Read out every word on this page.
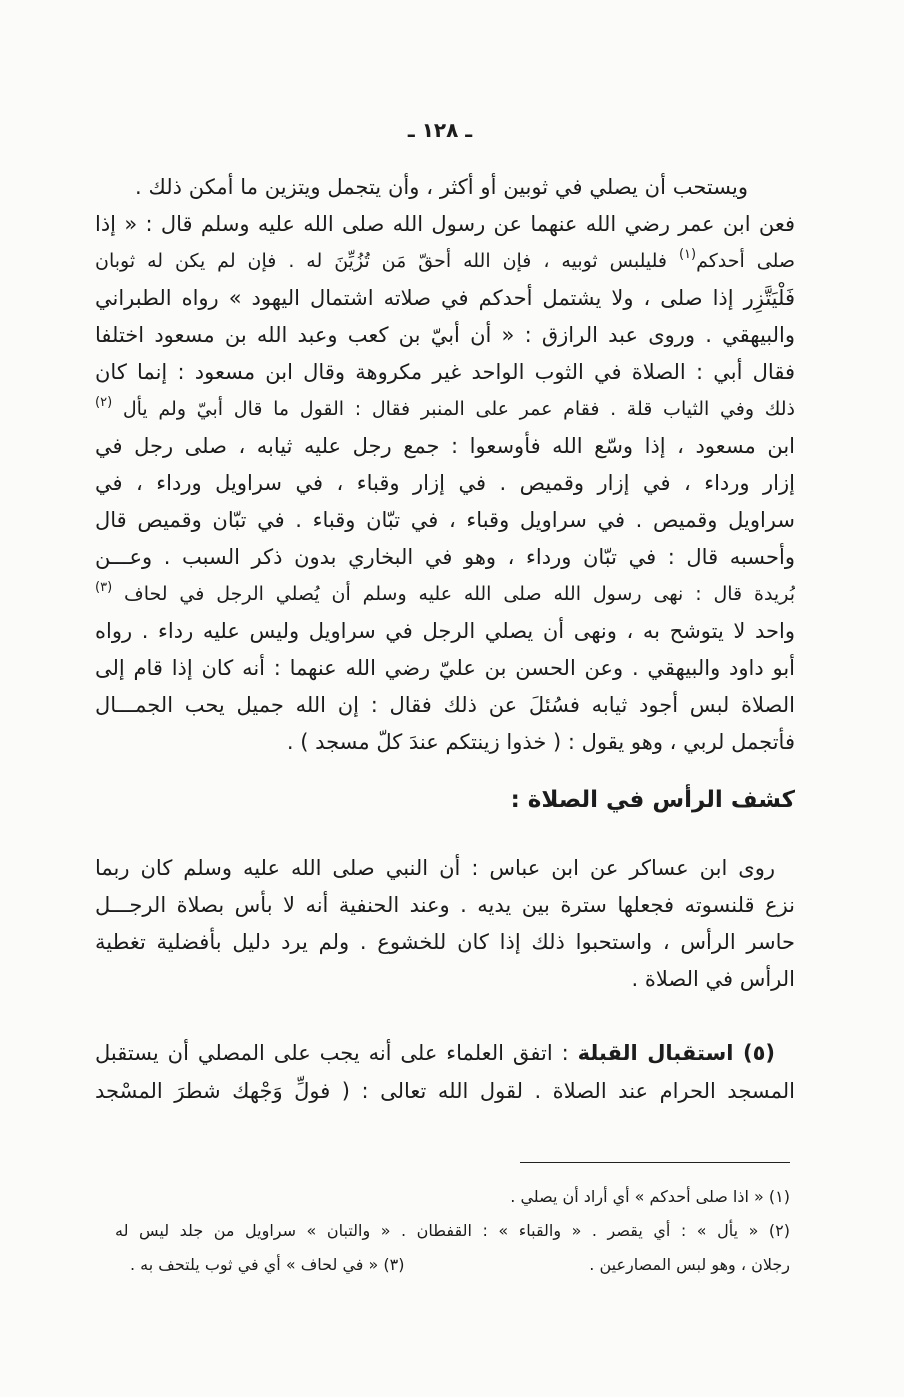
ـ ١٢٨ ـ
ويستحب أن يصلي في ثوبين أو أكثر ، وأن يتجمل ويتزين ما أمكن ذلك .
فعن ابن عمر رضي الله عنهما عن رسول الله صلى الله عليه وسلم قال : « إذا
صلى أحدكم$^{(١)}$ فليلبس ثوبيه ، فإن الله أحقّ مَن تُزُيِّنَ له . فإن لم يكن له ثوبان
فَلْيَتَّزِر إذا صلى ، ولا يشتمل أحدكم في صلاته اشتمال اليهود » رواه الطبراني
والبيهقي . وروى عبد الرازق : « أن أبيّ بن كعب وعبد الله بن مسعود اختلفا
فقال أبي : الصلاة في الثوب الواحد غير مكروهة وقال ابن مسعود : إنما كان
ذلك وفي الثياب قلة . فقام عمر على المنبر فقال : القول ما قال أبيّ ولم يأل $^{(٢)}$
ابن مسعود ، إذا وسّع الله فأوسعوا : جمع رجل عليه ثيابه ، صلى رجل في
إزار ورداء ، في إزار وقميص . في إزار وقباء ، في سراويل ورداء ، في
سراويل وقميص . في سراويل وقباء ، في تبّان وقباء . في تبّان وقميص قال
وأحسبه قال : في تبّان ورداء ، وهو في البخاري بدون ذكر السبب . وعـــن
بُريدة قال : نهى رسول الله صلى الله عليه وسلم أن يُصلي الرجل في لحاف $^{(٣)}$
واحد لا يتوشح به ، ونهى أن يصلي الرجل في سراويل وليس عليه رداء . رواه
أبو داود والبيهقي . وعن الحسن بن عليّ رضي الله عنهما : أنه كان إذا قام إلى
الصلاة لبس أجود ثيابه فسُئلَ عن ذلك فقال : إن الله جميل يحب الجمـــال
فأتجمل لربي ، وهو يقول : ( خذوا زينتكم عندَ كلّ مسجد ) .
كشف الرأس في الصلاة :
روى ابن عساكر عن ابن عباس : أن النبي صلى الله عليه وسلم كان ربما
نزع قلنسوته فجعلها سترة بين يديه . وعند الحنفية أنه لا بأس بصلاة الرجـــل
حاسر الرأس ، واستحبوا ذلك إذا كان للخشوع . ولم يرد دليل بأفضلية تغطية
الرأس في الصلاة .
(٥) استقبال القبلة : اتفق العلماء على أنه يجب على المصلي أن يستقبل
المسجد الحرام عند الصلاة . لقول الله تعالى : ( فولِّ وَجْهك شطرَ المسْجد
(١) « اذا صلى أحدكم » أي أراد أن يصلي .
(٢) « يأل » : أي يقصر . « والقباء » : القفطان . « والتبان » سراويل من جلد ليس له
رجلان ، وهو لبس المصارعين .
(٣) « في لحاف » أي في ثوب يلتحف به .
